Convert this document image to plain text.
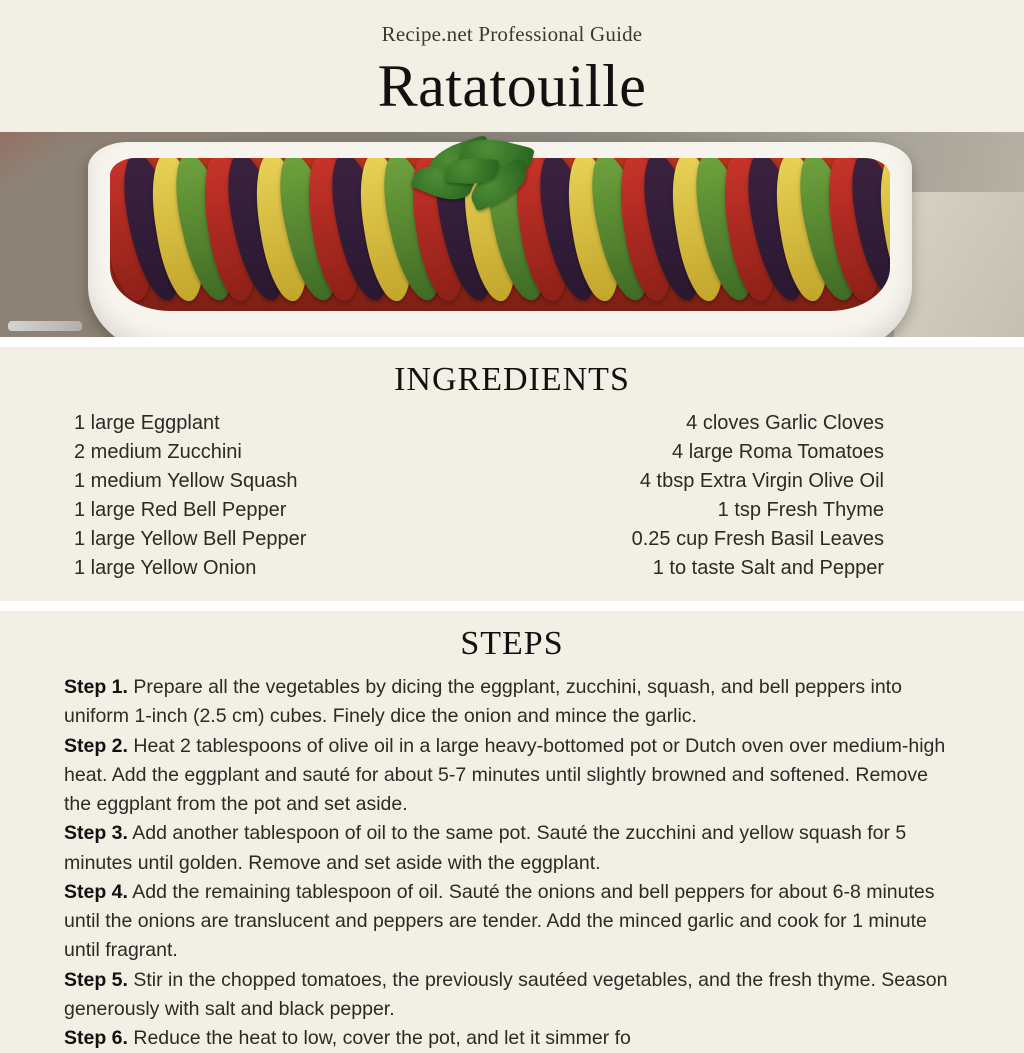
Recipe.net Professional Guide
Ratatouille
INGREDIENTS
1 large Eggplant
2 medium Zucchini
1 medium Yellow Squash
1 large Red Bell Pepper
1 large Yellow Bell Pepper
1 large Yellow Onion
4 cloves Garlic Cloves
4 large Roma Tomatoes
4 tbsp Extra Virgin Olive Oil
1 tsp Fresh Thyme
0.25 cup Fresh Basil Leaves
1 to taste Salt and Pepper
STEPS

Step 1. Prepare all the vegetables by dicing the eggplant, zucchini, squash, and bell peppers into uniform 1-inch (2.5 cm) cubes. Finely dice the onion and mince the garlic.

Step 2. Heat 2 tablespoons of olive oil in a large heavy-bottomed pot or Dutch oven over medium-high heat. Add the eggplant and sauté for about 5-7 minutes until slightly browned and softened. Remove the eggplant from the pot and set aside.

Step 3. Add another tablespoon of oil to the same pot. Sauté the zucchini and yellow squash for 5 minutes until golden. Remove and set aside with the eggplant.

Step 4. Add the remaining tablespoon of oil. Sauté the onions and bell peppers for about 6-8 minutes until the onions are translucent and peppers are tender. Add the minced garlic and cook for 1 minute until fragrant.

Step 5. Stir in the chopped tomatoes, the previously sautéed vegetables, and the fresh thyme. Season generously with salt and black pepper.

Step 6. Reduce the heat to low, cover the pot, and let it simmer fo
